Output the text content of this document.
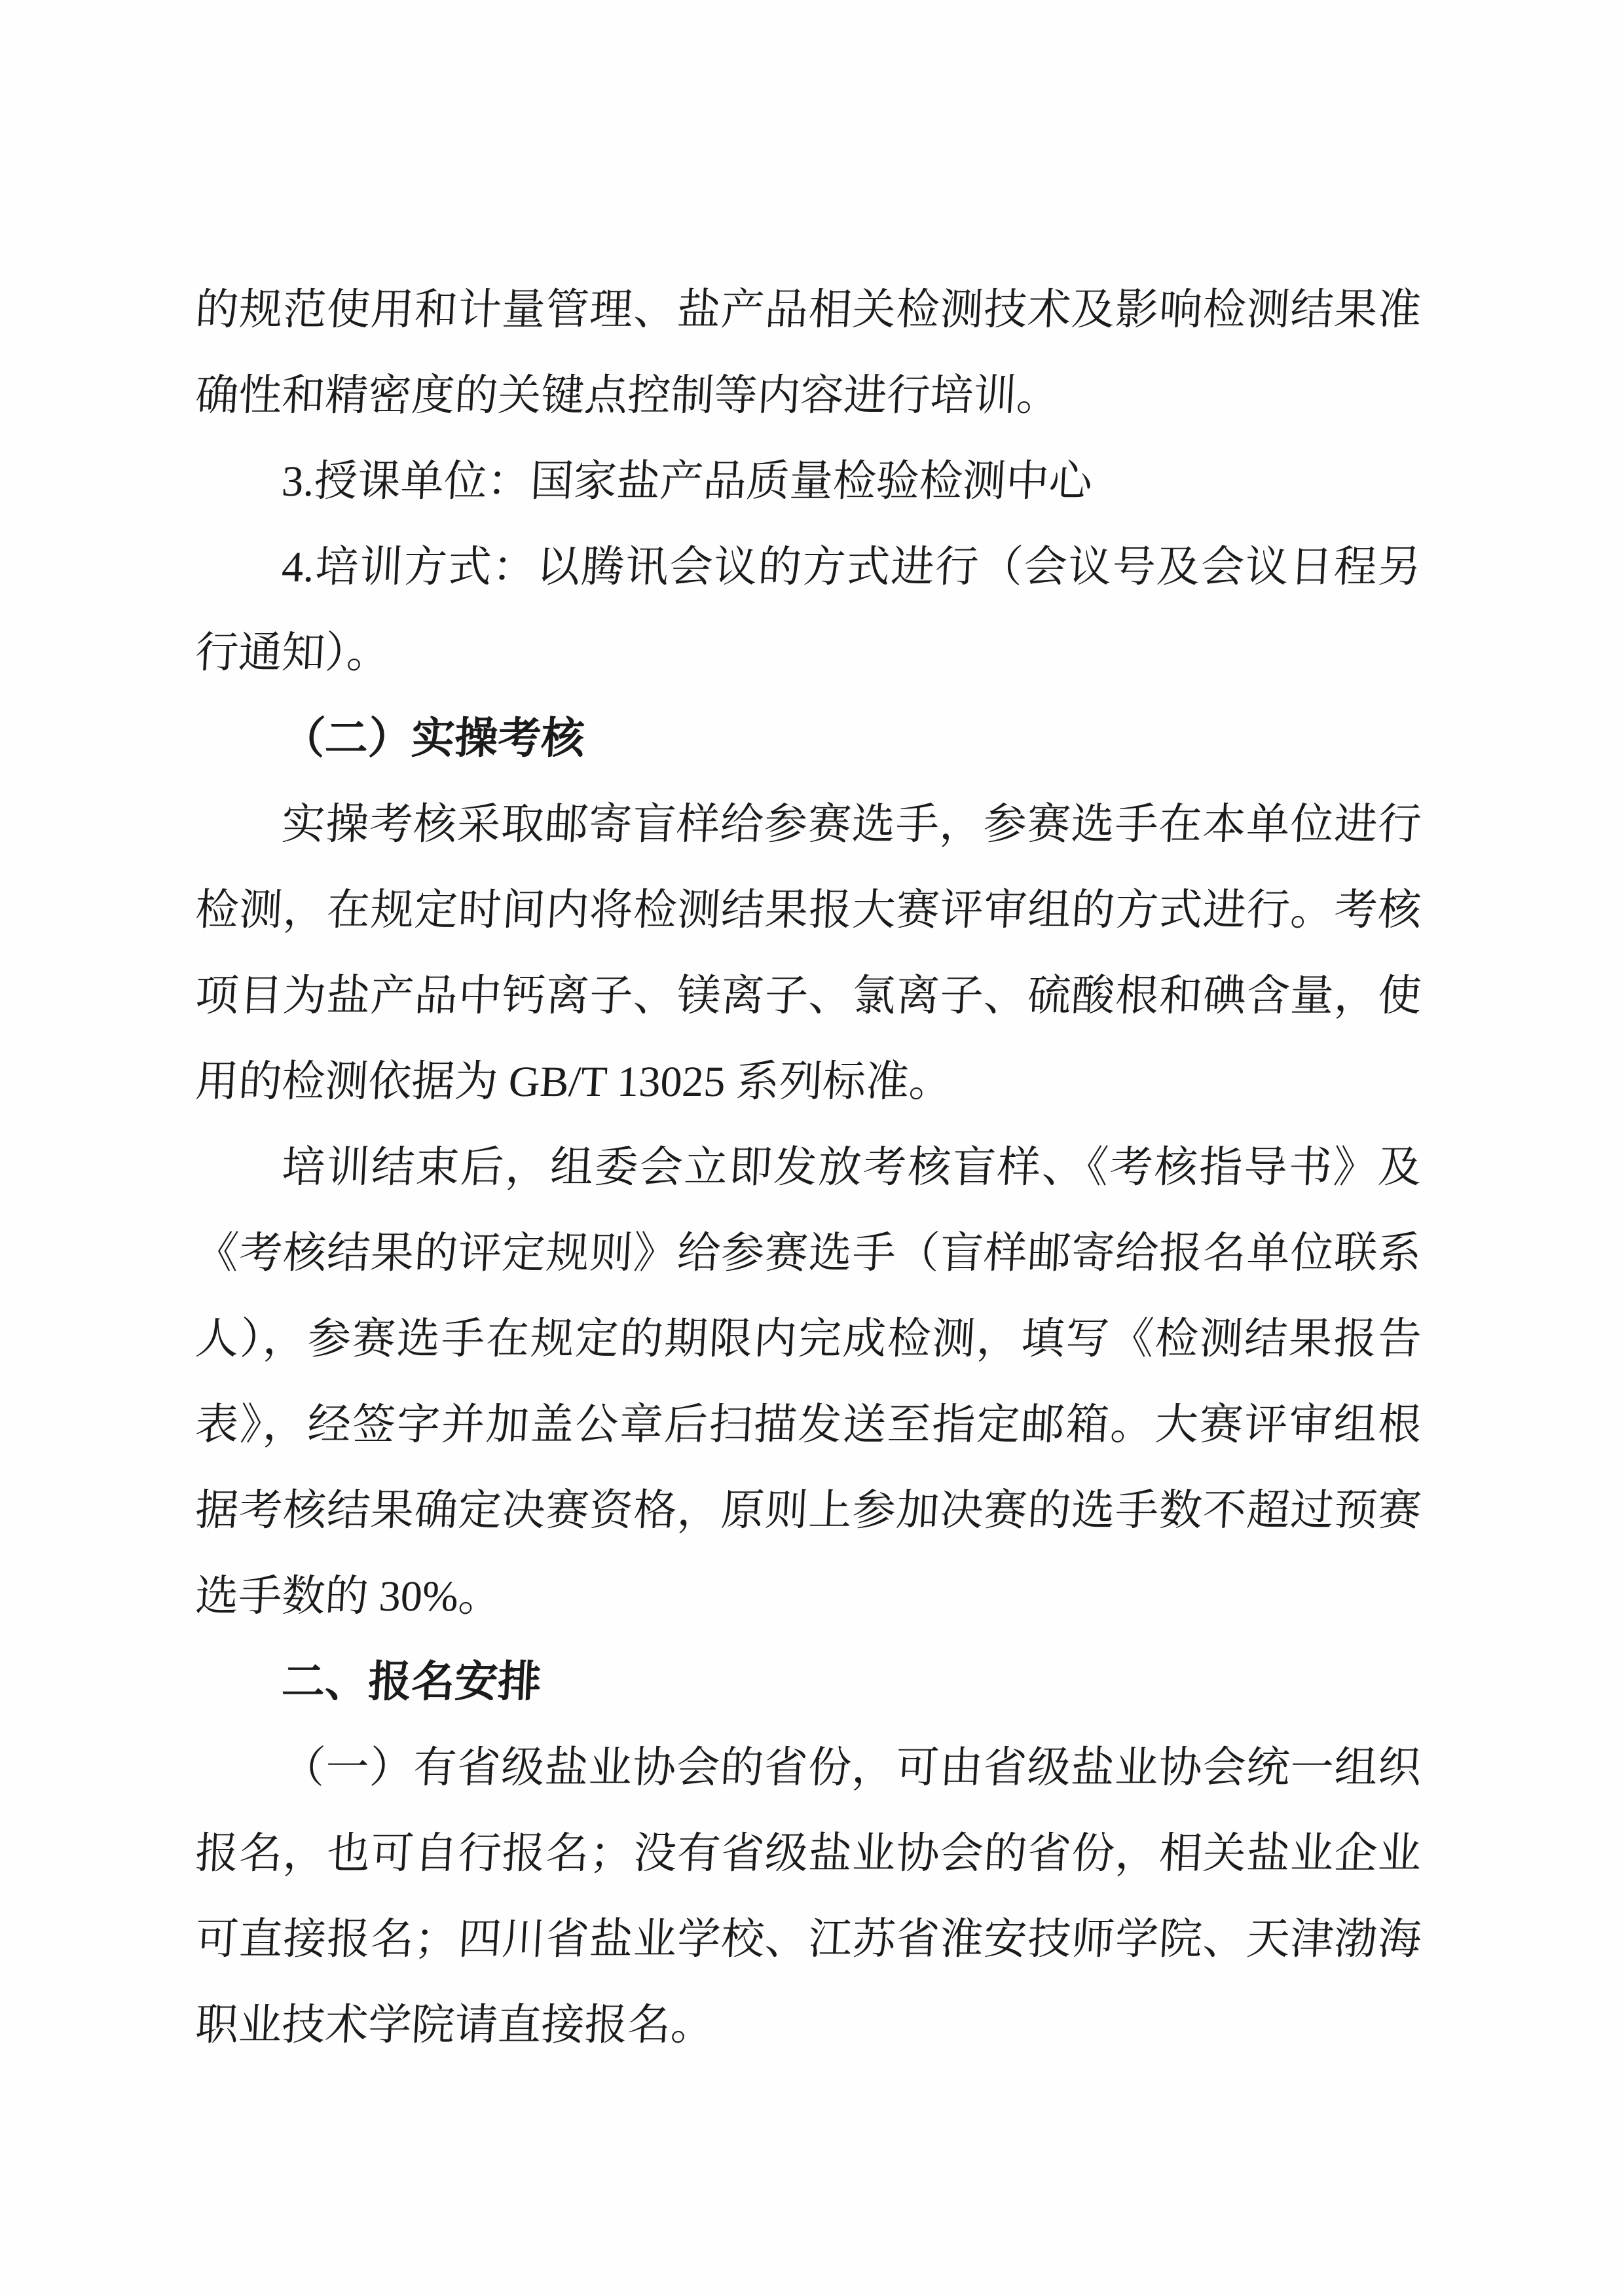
的规范使用和计量管理、盐产品相关检测技术及影响检测结果准
确性和精密度的关键点控制等内容进行培训。
3.授课单位：国家盐产品质量检验检测中心
4.培训方式：以腾讯会议的方式进行（会议号及会议日程另
行通知）。
（二）实操考核
实操考核采取邮寄盲样给参赛选手，参赛选手在本单位进行
检测，在规定时间内将检测结果报大赛评审组的方式进行。考核
项目为盐产品中钙离子、镁离子、氯离子、硫酸根和碘含量，使
用的检测依据为 GB/T 13025 系列标准。
培训结束后，组委会立即发放考核盲样、《考核指导书》及
《考核结果的评定规则》给参赛选手（盲样邮寄给报名单位联系
人），参赛选手在规定的期限内完成检测，填写《检测结果报告
表》，经签字并加盖公章后扫描发送至指定邮箱。大赛评审组根
据考核结果确定决赛资格，原则上参加决赛的选手数不超过预赛
选手数的 30%。
二、报名安排
（一）有省级盐业协会的省份，可由省级盐业协会统一组织
报名，也可自行报名；没有省级盐业协会的省份，相关盐业企业
可直接报名；四川省盐业学校、江苏省淮安技师学院、天津渤海
职业技术学院请直接报名。
